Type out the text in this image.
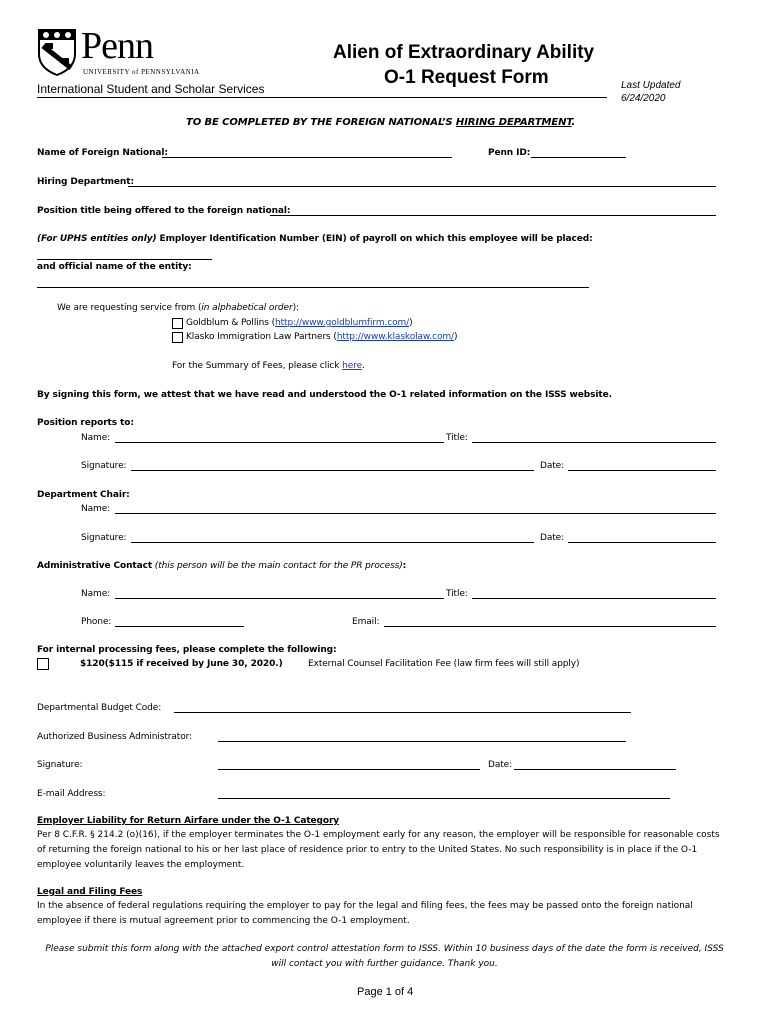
Penn
UNIVERSITY of PENNSYLVANIA
International Student and Scholar Services
Alien of Extraordinary Ability
O-1 Request Form	Last Updated
6/24/2020
TO BE COMPLETED BY THE FOREIGN NATIONAL’S HIRING DEPARTMENT.
Name of Foreign National:	Penn ID:
Hiring Department:
Position title being offered to the foreign national:
(For UPHS entities only) Employer Identification Number (EIN) of payroll on which this employee will be placed:
and official name of the entity:
We are requesting service from (in alphabetical order):
Goldblum & Pollins (http://www.goldblumfirm.com/)
Klasko Immigration Law Partners (http://www.klaskolaw.com/)
For the Summary of Fees, please click here.
By signing this form, we attest that we have read and understood the O-1 related information on the ISSS website.
Position reports to:
Name:	Title:
Signature:	Date:
Department Chair:
Name:
Signature:	Date:
Administrative Contact (this person will be the main contact for the PR process):
Name:	Title:
Phone:	Email:
For internal processing fees, please complete the following:
$120($115 if received by June 30, 2020.)	External Counsel Facilitation Fee (law firm fees will still apply)
Departmental Budget Code:
Authorized Business Administrator:
Signature:	Date:
E-mail Address:
Employer Liability for Return Airfare under the O-1 Category
Per 8 C.F.R. § 214.2 (o)(16), if the employer terminates the O-1 employment early for any reason, the employer will be responsible for reasonable costs
of returning the foreign national to his or her last place of residence prior to entry to the United States. No such responsibility is in place if the O-1
employee voluntarily leaves the employment.
Legal and Filing Fees
In the absence of federal regulations requiring the employer to pay for the legal and filing fees, the fees may be passed onto the foreign national
employee if there is mutual agreement prior to commencing the O-1 employment.
Please submit this form along with the attached export control attestation form to ISSS. Within 10 business days of the date the form is received, ISSS
will contact you with further guidance. Thank you.
Page 1 of 4
